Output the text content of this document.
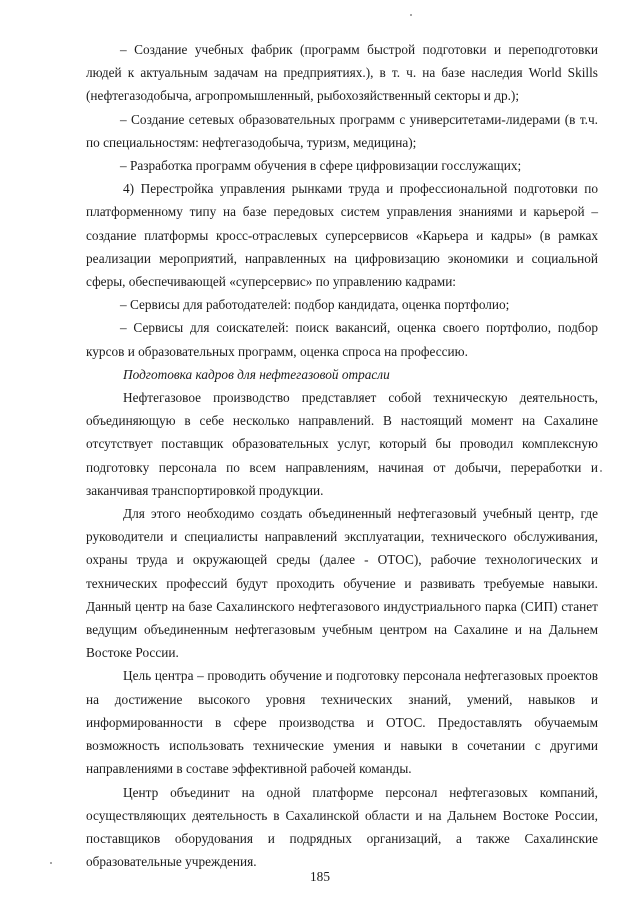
– Создание учебных фабрик (программ быстрой подготовки и переподготовки людей к актуальным задачам на предприятиях.), в т. ч. на базе наследия World Skills (нефтегазодобыча, агропромышленный, рыбохозяйственный секторы и др.);

– Создание сетевых образовательных программ с университетами-лидерами (в т.ч. по специальностям: нефтегазодобыча, туризм, медицина);

– Разработка программ обучения в сфере цифровизации госслужащих;

4) Перестройка управления рынками труда и профессиональной подготовки по платформенному типу на базе передовых систем управления знаниями и карьерой – создание платформы кросс-отраслевых суперсервисов «Карьера и кадры» (в рамках реализации мероприятий, направленных на цифровизацию экономики и социальной сферы, обеспечивающей «суперсервис» по управлению кадрами:

– Сервисы для работодателей: подбор кандидата, оценка портфолио;

– Сервисы для соискателей: поиск вакансий, оценка своего портфолио, подбор курсов и образовательных программ, оценка спроса на профессию.

Подготовка кадров для нефтегазовой отрасли

Нефтегазовое производство представляет собой техническую деятельность, объединяющую в себе несколько направлений. В настоящий момент на Сахалине отсутствует поставщик образовательных услуг, который бы проводил комплексную подготовку персонала по всем направлениям, начиная от добычи, переработки и заканчивая транспортировкой продукции.

Для этого необходимо создать объединенный нефтегазовый учебный центр, где руководители и специалисты направлений эксплуатации, технического обслуживания, охраны труда и окружающей среды (далее - ОТОС), рабочие технологических и технических профессий будут проходить обучение и развивать требуемые навыки. Данный центр на базе Сахалинского нефтегазового индустриального парка (СИП) станет ведущим объединенным нефтегазовым учебным центром на Сахалине и на Дальнем Востоке России.

Цель центра – проводить обучение и подготовку персонала нефтегазовых проектов на достижение высокого уровня технических знаний, умений, навыков и информированности в сфере производства и ОТОС. Предоставлять обучаемым возможность использовать технические умения и навыки в сочетании с другими направлениями в составе эффективной рабочей команды.

Центр объединит на одной платформе персонал нефтегазовых компаний, осуществляющих деятельность в Сахалинской области и на Дальнем Востоке России, поставщиков оборудования и подрядных организаций, а также Сахалинские образовательные учреждения.

185
